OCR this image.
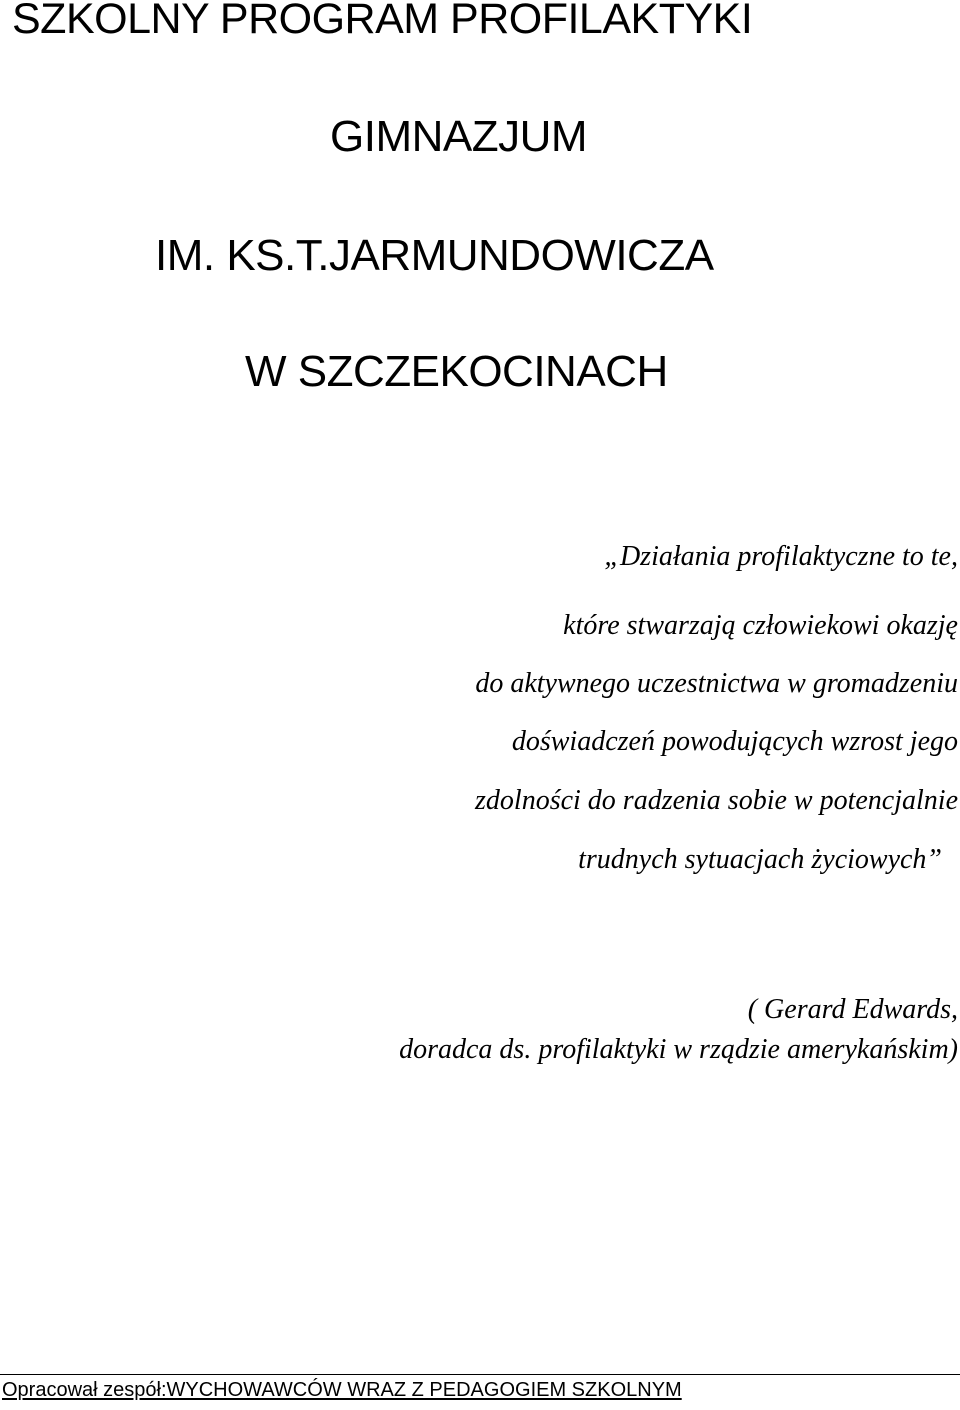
SZKOLNY PROGRAM PROFILAKTYKI
GIMNAZJUM
IM. KS.T.JARMUNDOWICZA
W SZCZEKOCINACH
„Działania profilaktyczne to te,
które stwarzają człowiekowi okazję
do aktywnego uczestnictwa w gromadzeniu
doświadczeń powodujących wzrost jego
zdolności do radzenia sobie w potencjalnie
trudnych sytuacjach życiowych”
( Gerard Edwards,
doradca ds. profilaktyki w rządzie amerykańskim)
Opracował zespół:WYCHOWAWCÓW WRAZ Z PEDAGOGIEM SZKOLNYM
